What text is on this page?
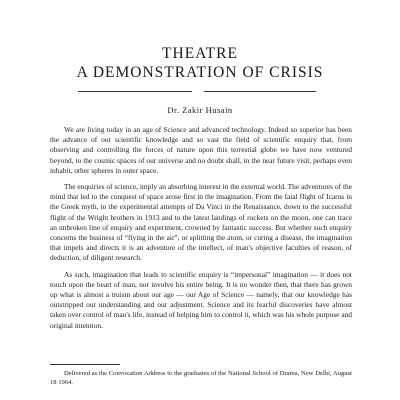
THEATRE
A DEMONSTRATION OF CRISIS
Dr. Zakir Husain

We are living today in an age of Science and advanced technology. Indeed so superior has been the advance of our scientific knowledge and so vast the field of scientific enquiry that, from observing and controlling the forces of nature upon this terrestial globe we have now ventured beyond, to the cosmic spaces of our universe and no doubt shall, in the near future visit, perhaps even inhabit, other spheres in outer space.

The enquiries of science, imply an absorbing interest in the external world. The adventures of the mind that led to the conquest of space arose first in the imagination. From the fatal flight of Icarus in the Greek myth, to the experimental attempts of Da Vinci in the Renaissance, down to the successful flight of the Wright brothers in 1913 and to the latest landings of rockets on the moon, one can trace an unbroken line of enquiry and experiment, crowned by fantastic success. But whether such enquiry concerns the business of “flying in the air”, or splitting the atom, or curing a disease, the imagination that impels and directs it is an adventure of the intellect, of man's objective faculties of reason, of deduction, of diligent research.

As such, imagination that leads to scientific enquiry is “impersonal” imagination — it does not touch upon the heart of man, nor involve his entire being. It is no wonder then, that there has grown up what is almost a truism about our age — our Age of Science — namely, that our knowledge has outstripped our understanding and our adjustment. Science and its fearful discoveries have almost taken over control of man's life, instead of helping him to control it, which was his whole purpose and original intention.

Delivered as the Convocation Address to the graduates of the National School of Drama, New Delhi, August 18 1964.
